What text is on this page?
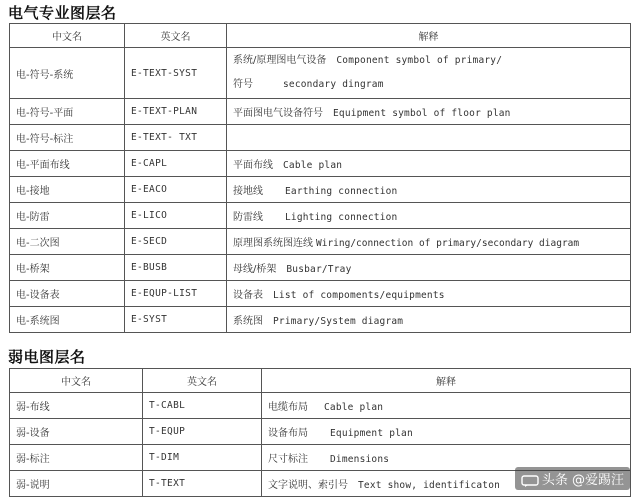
电气专业图层名
中文名	英文名	解释
电-符号-系统	E-TEXT-SYST	系统/原理图电气设备 Component symbol of primary/
符号 secondary dingram

电-符号-平面	E-TEXT-PLAN	平面图电气设备符号 Equipment symbol of floor plan
电-符号-标注	E-TEXT- TXT	
电-平面布线	E-CAPL	平面布线 Cable plan
电-接地	E-EACO	接地线 Earthing connection
电-防雷	E-LICO	防雷线 Lighting connection
电-二次图	E-SECD	原理图系统图连线 Wiring/connection of primary/secondary diagram
电-桥架	E-BUSB	母线/桥架 Busbar/Tray
电-设备表	E-EQUP-LIST	设备表 List of compoments/equipments
电-系统图	E-SYST	系统图 Primary/System diagram
弱电图层名
中文名	英文名	解释
弱-布线	T-CABL	电缆布局 Cable plan
弱-设备	T-EQUP	设备布局 Equipment plan
弱-标注	T-DIM	尺寸标注 Dimensions
弱-说明	T-TEXT	文字说明、索引号 Text show, identificaton	头条 @爱踢汪
